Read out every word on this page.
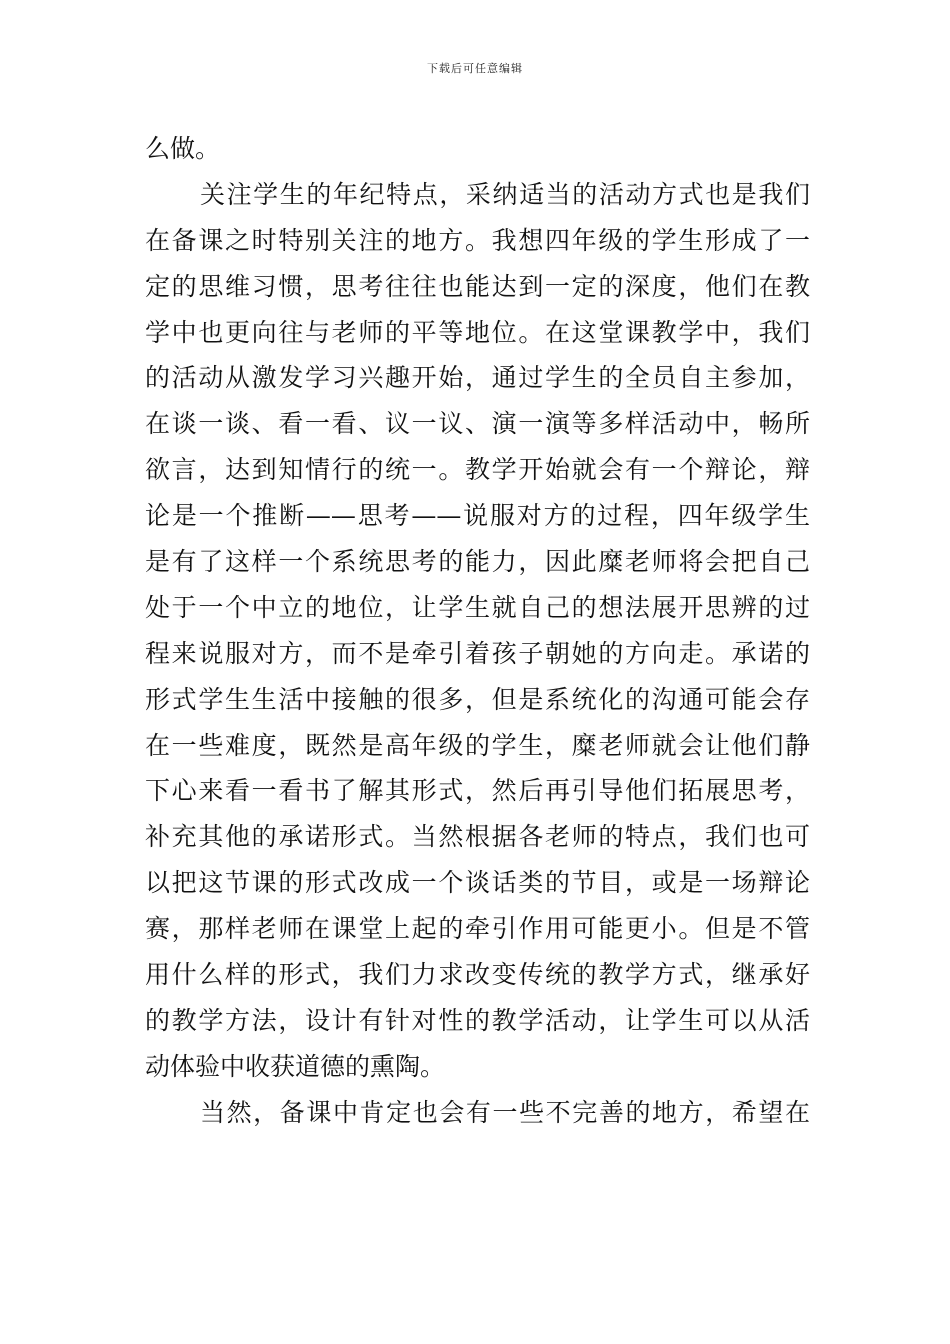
下载后可任意编辑
么做。
关注学生的年纪特点，采纳适当的活动方式也是我们
在备课之时特别关注的地方。我想四年级的学生形成了一
定的思维习惯，思考往往也能达到一定的深度，他们在教
学中也更向往与老师的平等地位。在这堂课教学中，我们
的活动从激发学习兴趣开始，通过学生的全员自主参加，
在谈一谈、看一看、议一议、演一演等多样活动中，畅所
欲言，达到知情行的统一。教学开始就会有一个辩论，辩
论是一个推断——思考——说服对方的过程，四年级学生
是有了这样一个系统思考的能力，因此糜老师将会把自己
处于一个中立的地位，让学生就自己的想法展开思辨的过
程来说服对方，而不是牵引着孩子朝她的方向走。承诺的
形式学生生活中接触的很多，但是系统化的沟通可能会存
在一些难度，既然是高年级的学生，糜老师就会让他们静
下心来看一看书了解其形式，然后再引导他们拓展思考，
补充其他的承诺形式。当然根据各老师的特点，我们也可
以把这节课的形式改成一个谈话类的节目，或是一场辩论
赛，那样老师在课堂上起的牵引作用可能更小。但是不管
用什么样的形式，我们力求改变传统的教学方式，继承好
的教学方法，设计有针对性的教学活动，让学生可以从活
动体验中收获道德的熏陶。
当然，备课中肯定也会有一些不完善的地方，希望在
